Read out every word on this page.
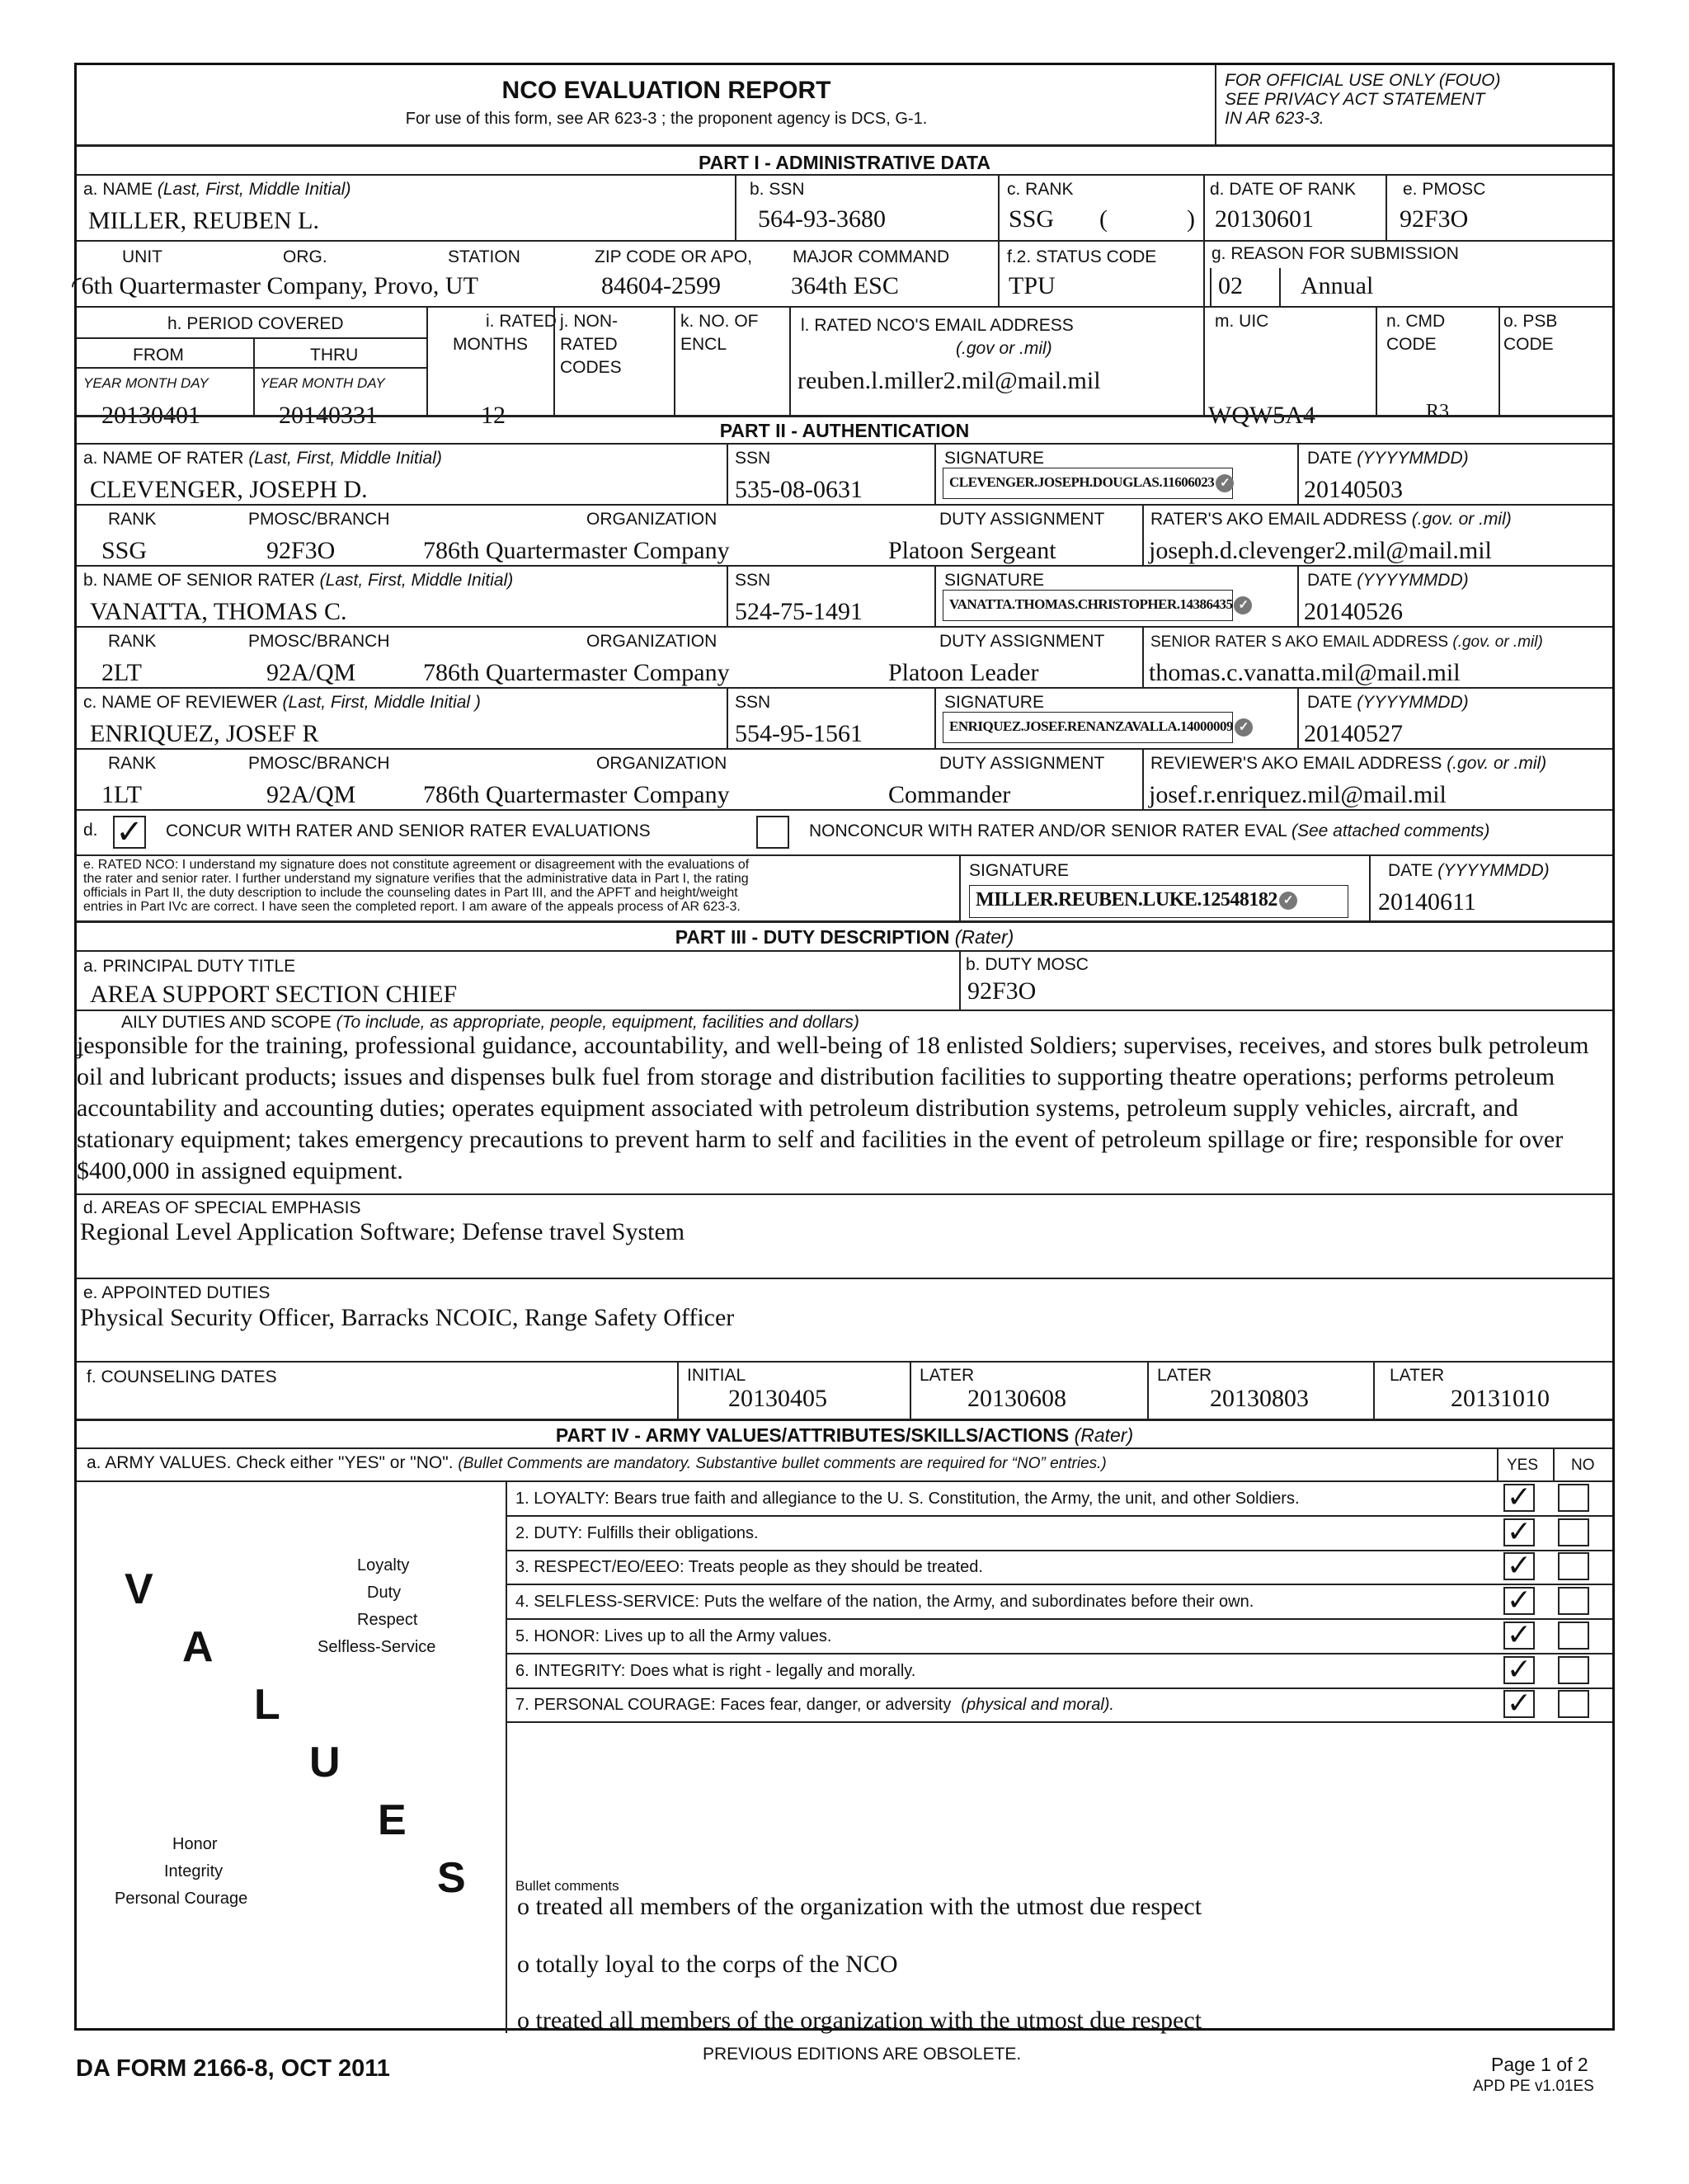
NCO EVALUATION REPORT
For use of this form, see AR 623-3 ; the proponent agency is DCS, G-1.
FOR OFFICIAL USE ONLY (FOUO)
SEE PRIVACY ACT STATEMENT
IN AR 623-3.
PART I - ADMINISTRATIVE DATA
a. NAME (Last, First, Middle Initial)
MILLER, REUBEN L.
b. SSN
564-93-3680
c. RANK
SSG (	)
d. DATE OF RANK
20130601
e. PMOSC
92F3O
UNIT	ORG.	STATION	ZIP CODE OR APO, MAJOR COMMAND
◜6th Quartermaster Company, Provo, UT	84604-2599	364th ESC
f.2. STATUS CODE
TPU
g. REASON FOR SUBMISSION
02 Annual
h. PERIOD COVERED
FROM	THRU
YEAR MONTH DAY	YEAR MONTH DAY
20130401	20140331
i. RATED
MONTHS
12
j. NON-
RATED
CODES
k. NO. OF
ENCL
l. RATED NCO'S EMAIL ADDRESS
(.gov or .mil)
reuben.l.miller2.mil@mail.mil
m. UIC
WQW5A4
n. CMD
CODE
R3
o. PSB
CODE
PART II - AUTHENTICATION
a. NAME OF RATER (Last, First, Middle Initial)
CLEVENGER, JOSEPH D.
SSN
535-08-0631
SIGNATURE
CLEVENGER.JOSEPH.DOUGLAS.11606023 ✓
DATE (YYYYMMDD)
20140503
RANK	PMOSC/BRANCH	ORGANIZATION	DUTY ASSIGNMENT
SSG	92F3O	786th Quartermaster Company	Platoon Sergeant
RATER'S AKO EMAIL ADDRESS (.gov. or .mil)
joseph.d.clevenger2.mil@mail.mil
b. NAME OF SENIOR RATER (Last, First, Middle Initial)
VANATTA, THOMAS C.
SSN
524-75-1491
SIGNATURE
VANATTA.THOMAS.CHRISTOPHER.14386435 ✓
DATE (YYYYMMDD)
20140526
RANK	PMOSC/BRANCH	ORGANIZATION	DUTY ASSIGNMENT
2LT	92A/QM	786th Quartermaster Company	Platoon Leader
SENIOR RATER S AKO EMAIL ADDRESS (.gov. or .mil)
thomas.c.vanatta.mil@mail.mil
c. NAME OF REVIEWER (Last, First, Middle Initial )
ENRIQUEZ, JOSEF R
SSN
554-95-1561
SIGNATURE
ENRIQUEZ.JOSEF.RENANZAVALLA.14000009 ✓
DATE (YYYYMMDD)
20140527
RANK	PMOSC/BRANCH	ORGANIZATION	DUTY ASSIGNMENT
1LT	92A/QM	786th Quartermaster Company	Commander
REVIEWER'S AKO EMAIL ADDRESS (.gov. or .mil)
josef.r.enriquez.mil@mail.mil
d. ✓ CONCUR WITH RATER AND SENIOR RATER EVALUATIONS	NONCONCUR WITH RATER AND/OR SENIOR RATER EVAL (See attached comments)
e. RATED NCO: I understand my signature does not constitute agreement or disagreement with the evaluations of
the rater and senior rater. I further understand my signature verifies that the administrative data in Part I, the rating
officials in Part II, the duty description to include the counseling dates in Part III, and the APFT and height/weight
entries in Part IVc are correct. I have seen the completed report. I am aware of the appeals process of AR 623-3.
SIGNATURE
MILLER.REUBEN.LUKE.12548182 ✓
DATE (YYYYMMDD)
20140611
PART III - DUTY DESCRIPTION (Rater)
a. PRINCIPAL DUTY TITLE
AREA SUPPORT SECTION CHIEF
b. DUTY MOSC
92F3O
AILY DUTIES AND SCOPE (To include, as appropriate, people, equipment, facilities and dollars)
ʝesponsible for the training, professional guidance, accountability, and well-being of 18 enlisted Soldiers; supervises, receives, and stores bulk petroleum oil and lubricant products; issues and dispenses bulk fuel from storage and distribution facilities to supporting theatre operations; performs petroleum accountability and accounting duties; operates equipment associated with petroleum distribution systems, petroleum supply vehicles, aircraft, and stationary equipment; takes emergency precautions to prevent harm to self and facilities in the event of petroleum spillage or fire; responsible for over $400,000 in assigned equipment.
d. AREAS OF SPECIAL EMPHASIS
Regional Level Application Software; Defense travel System
e. APPOINTED DUTIES
Physical Security Officer, Barracks NCOIC, Range Safety Officer
f. COUNSELING DATES	INITIAL
20130405
LATER
20130608
LATER
20130803
LATER
20131010
PART IV - ARMY VALUES/ATTRIBUTES/SKILLS/ACTIONS (Rater)
a. ARMY VALUES. Check either "YES" or "NO". (Bullet Comments are mandatory. Substantive bullet comments are required for “NO” entries.)	YES NO
V
A
L
U
E
S
Loyalty
Duty
Respect
Selfless-Service
Honor
Integrity
Personal Courage
1. LOYALTY: Bears true faith and allegiance to the U. S. Constitution, the Army, the unit, and other Soldiers.	✓
2. DUTY: Fulfills their obligations.	✓
3. RESPECT/EO/EEO: Treats people as they should be treated.	✓
4. SELFLESS-SERVICE: Puts the welfare of the nation, the Army, and subordinates before their own.	✓
5. HONOR: Lives up to all the Army values.	✓
6. INTEGRITY: Does what is right - legally and morally.	✓
7. PERSONAL COURAGE: Faces fear, danger, or adversity (physical and moral).	✓
Bullet comments
o treated all members of the organization with the utmost due respect
o totally loyal to the corps of the NCO
o treated all members of the organization with the utmost due respect
DA FORM 2166-8, OCT 2011
PREVIOUS EDITIONS ARE OBSOLETE.	Page 1 of 2
APD PE v1.01ES
